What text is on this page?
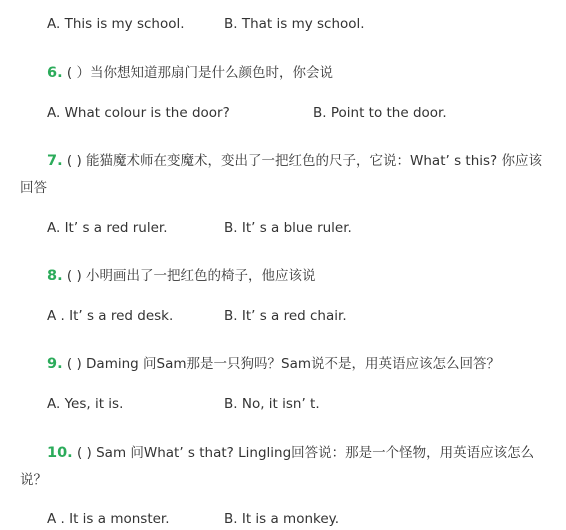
A. This is my school.	B. That is my school.
6. ( ）当你想知道那扇门是什么颜色时，你会说
A. What colour is the door?	B. Point to the door.
7. ( ) 能猫魔术师在变魔术，变出了一把红色的尺子，它说：What’ s this? 你应该
回答
A. It’ s a red ruler.	B. It’ s a blue ruler.
8. ( ) 小明画出了一把红色的椅子，他应该说
A . It’ s a red desk.	B. It’ s a red chair.
9. ( ) Daming 问Sam那是一只狗吗？Sam说不是，用英语应该怎么回答？
A. Yes, it is.	B. No, it isn’ t.
10. ( ) Sam 问What’ s that? Lingling回答说：那是一个怪物，用英语应该怎么
说？
A . It is a monster.	B. It is a monkey.
